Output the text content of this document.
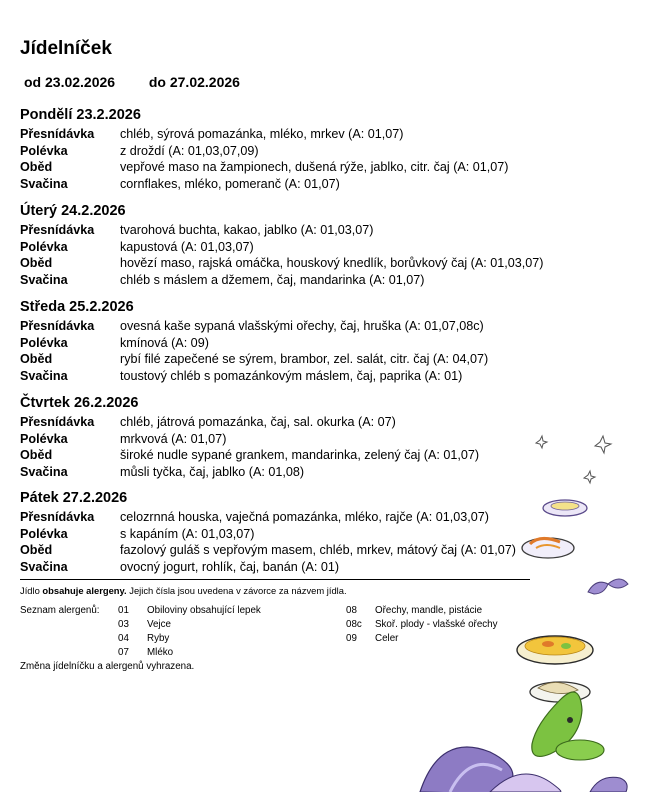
Jídelníček
od 23.02.2026 do 27.02.2026
Pondělí 23.2.2026
Přesnídávka	chléb, sýrová pomazánka, mléko, mrkev (A: 01,07)
Polévka	z droždí (A: 01,03,07,09)
Oběd	vepřové maso na žampionech, dušená rýže, jablko, citr. čaj (A: 01,07)
Svačina	cornflakes, mléko, pomeranč (A: 01,07)
Úterý 24.2.2026
Přesnídávka	tvarohová buchta, kakao, jablko (A: 01,03,07)
Polévka	kapustová (A: 01,03,07)
Oběd	hovězí maso, rajská omáčka, houskový knedlík, borůvkový čaj (A: 01,03,07)
Svačina	chléb s máslem a džemem, čaj, mandarinka (A: 01,07)
Středa 25.2.2026
Přesnídávka	ovesná kaše sypaná vlašskými ořechy, čaj, hruška (A: 01,07,08c)
Polévka	kmínová (A: 09)
Oběd	rybí filé zapečené se sýrem, brambor, zel. salát, citr. čaj (A: 04,07)
Svačina	toustový chléb s pomazánkovým máslem, čaj, paprika (A: 01)
Čtvrtek 26.2.2026
Přesnídávka	chléb, játrová pomazánka, čaj, sal. okurka (A: 07)
Polévka	mrkvová (A: 01,07)
Oběd	široké nudle sypané grankem, mandarinka, zelený čaj (A: 01,07)
Svačina	můsli tyčka, čaj, jablko (A: 01,08)
Pátek 27.2.2026
Přesnídávka	celozrnná houska, vaječná pomazánka, mléko, rajče (A: 01,03,07)
Polévka	s kapáním (A: 01,03,07)
Oběd	fazolový guláš s vepřovým masem, chléb, mrkev, mátový čaj (A: 01,07)
Svačina	ovocný jogurt, rohlík, čaj, banán (A: 01)
Jídlo obsahuje alergeny. Jejich čísla jsou uvedena v závorce za názvem jídla.
Seznam alergenů: 01	Obiloviny obsahující lepek
03	Vejce
04	Ryby
07	Mléko
08	Ořechy, mandle, pistácie
08c	Skoř. plody - vlašské ořechy
09	Celer
Změna jídelníčku a alergenů vyhrazena.
